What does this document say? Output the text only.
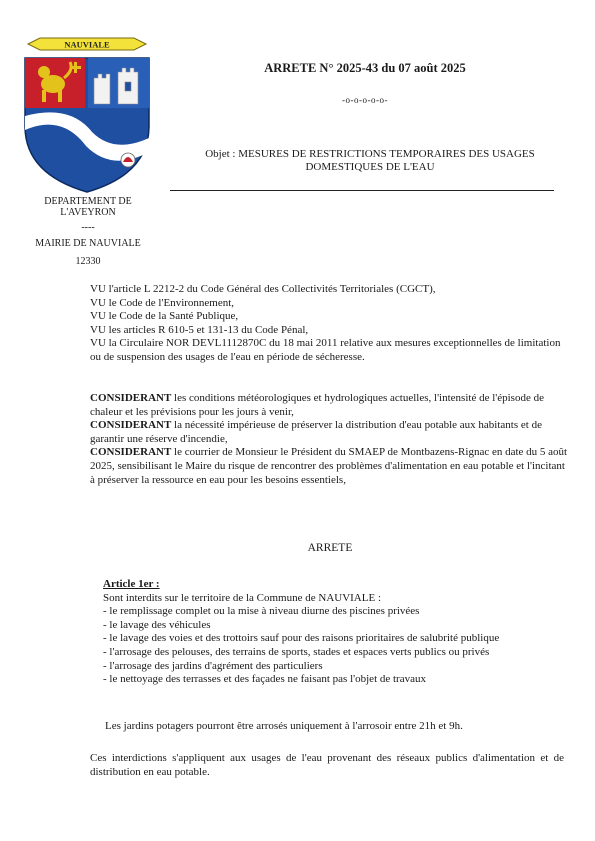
NAUVIALE
DEPARTEMENT DE
L'AVEYRON
----
MAIRIE DE NAUVIALE
12330
ARRETE N° 2025-43 du 07 août 2025
-o-o-o-o-o-
Objet : MESURES DE RESTRICTIONS TEMPORAIRES DES USAGES
DOMESTIQUES DE L'EAU

VU l'article L 2212-2 du Code Général des Collectivités Territoriales (CGCT),

VU le Code de l'Environnement,

VU le Code de la Santé Publique,

VU les articles R 610-5 et 131-13 du Code Pénal,

VU la Circulaire NOR DEVL1112870C du 18 mai 2011 relative aux mesures exceptionnelles de limitation ou de suspension des usages de l'eau en période de sécheresse.

CONSIDERANT les conditions météorologiques et hydrologiques actuelles, l'intensité de l'épisode de chaleur et les prévisions pour les jours à venir,

CONSIDERANT la nécessité impérieuse de préserver la distribution d'eau potable aux habitants et de garantir une réserve d'incendie,

CONSIDERANT le courrier de Monsieur le Président du SMAEP de Montbazens-Rignac en date du 5 août 2025, sensibilisant le Maire du risque de rencontrer des problèmes d'alimentation en eau potable et l'incitant à préserver la ressource en eau pour les besoins essentiels,

ARRETE

Article 1er :

Sont interdits sur le territoire de la Commune de NAUVIALE :

- le remplissage complet ou la mise à niveau diurne des piscines privées

- le lavage des véhicules

- le lavage des voies et des trottoirs sauf pour des raisons prioritaires de salubrité publique

- l'arrosage des pelouses, des terrains de sports, stades et espaces verts publics ou privés

- l'arrosage des jardins d'agrément des particuliers

- le nettoyage des terrasses et des façades ne faisant pas l'objet de travaux

Les jardins potagers pourront être arrosés uniquement à l'arrosoir entre 21h et 9h.
Ces interdictions s'appliquent aux usages de l'eau provenant des réseaux publics d'alimentation et de distribution en eau potable.
